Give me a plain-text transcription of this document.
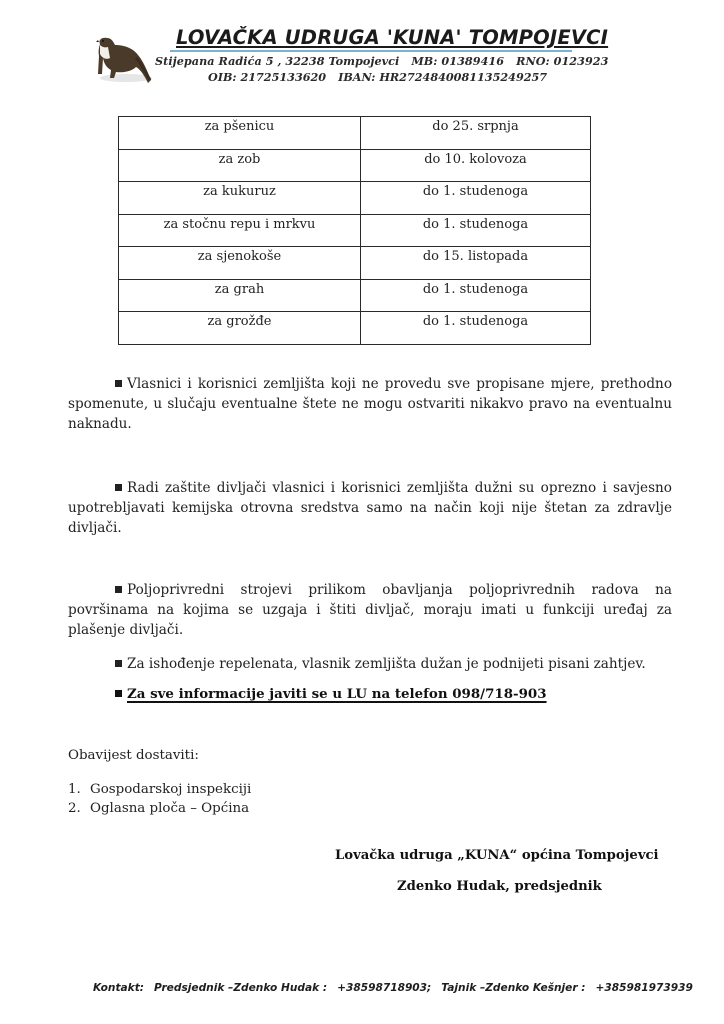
LOVAČKA UDRUGA 'KUNA' TOMPOJEVCI
Stijepana Radića 5 , 32238 Tompojevci MB: 01389416 RNO: 0123923
OIB: 21725133620 IBAN: HR2724840081135249257
za pšenicu	do 25. srpnja
za zob	do 10. kolovoza
za kukuruz	do 1. studenoga
za stočnu repu i mrkvu	do 1. studenoga
za sjenokoše	do 15. listopada
za grah	do 1. studenoga
za grožđe	do 1. studenoga

Vlasnici i korisnici zemljišta koji ne provedu sve propisane mjere, prethodno spomenute, u slučaju eventualne štete ne mogu ostvariti nikakvo pravo na eventualnu naknadu.

Radi zaštite divljači vlasnici i korisnici zemljišta dužni su oprezno i savjesno upotrebljavati kemijska otrovna sredstva samo na način koji nije štetan za zdravlje divljači.

Poljoprivredni strojevi prilikom obavljanja poljoprivrednih radova na površinama na kojima se uzgaja i štiti divljač, moraju imati u funkciji uređaj za plašenje divljači.

Za ishođenje repelenata, vlasnik zemljišta dužan je podnijeti pisani zahtjev.

Za sve informacije javiti se u LU na telefon 098/718-903

Obavijest dostaviti:
1. Gospodarskoj inspekciji
2. Oglasna ploča – Općina
Lovačka udruga „KUNA“ općina Tompojevci
Zdenko Hudak, predsjednik
Kontakt: Predsjednik –Zdenko Hudak : +38598718903; Tajnik –Zdenko Kešnjer : +385981973939
